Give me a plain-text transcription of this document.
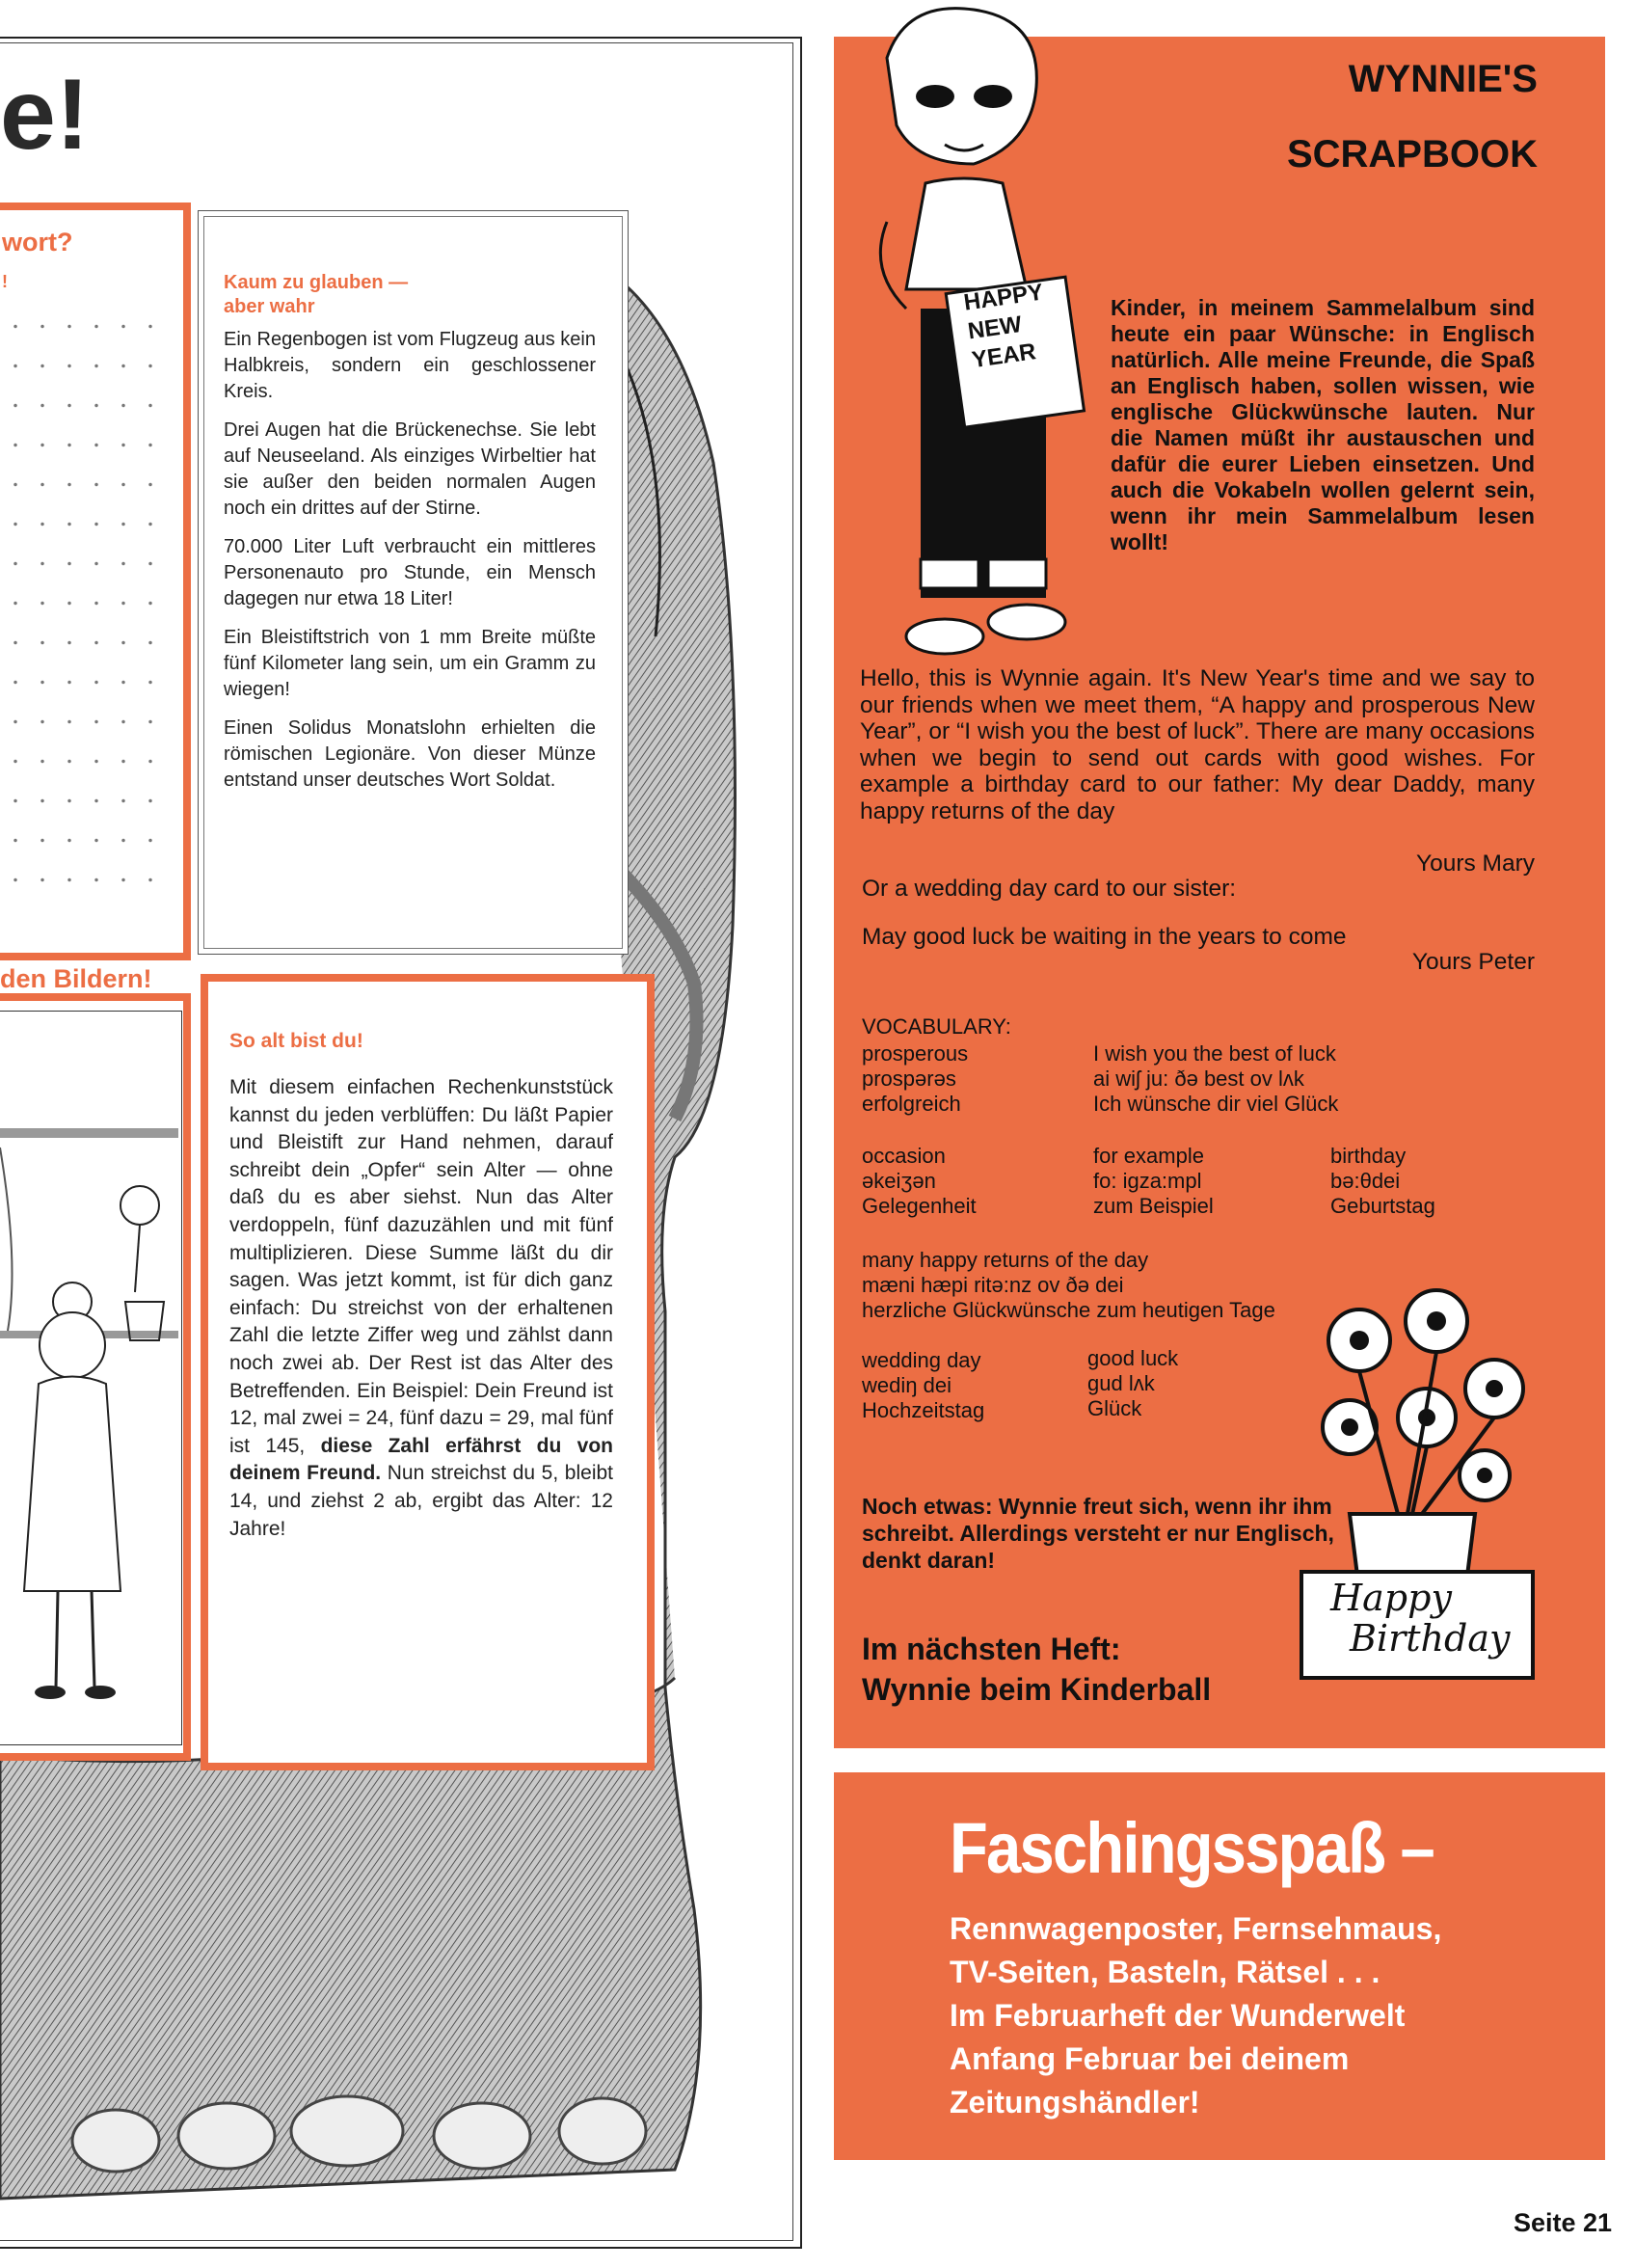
e!
wort?
!	Kaum zu glauben —
aber wahr

Ein Regenbogen ist vom Flugzeug aus kein Halbkreis, sondern ein geschlossener Kreis.

Drei Augen hat die Brückenechse. Sie lebt auf Neuseeland. Als einziges Wirbeltier hat sie außer den beiden normalen Augen noch ein drittes auf der Stirne.

70.000 Liter Luft verbraucht ein mittleres Personenauto pro Stunde, ein Mensch dagegen nur etwa 18 Liter!

Ein Bleistiftstrich von 1 mm Breite müßte fünf Kilometer lang sein, um ein Gramm zu wiegen!

Einen Solidus Monatslohn erhielten die römischen Legionäre. Von dieser Münze entstand unser deutsches Wort Soldat.

den Bildern!
So alt bist du!
Mit diesem einfachen Rechenkunststück kannst du jeden verblüffen: Du läßt Papier und Bleistift zur Hand nehmen, darauf schreibt dein „Opfer“ sein Alter — ohne daß du es aber siehst. Nun das Alter verdoppeln, fünf dazuzählen und mit fünf multiplizieren. Diese Summe läßt du dir sagen. Was jetzt kommt, ist für dich ganz einfach: Du streichst von der erhaltenen Zahl die letzte Ziffer weg und zählst dann noch zwei ab. Der Rest ist das Alter des Betreffenden. Ein Beispiel: Dein Freund ist 12, mal zwei = 24, fünf dazu = 29, mal fünf ist 145, diese Zahl erfährst du von deinem Freund. Nun streichst du 5, bleibt 14, und ziehst 2 ab, ergibt das Alter: 12 Jahre!
HAPPY
NEW
YEAR
WYNNIE'S
SCRAPBOOK
Kinder, in meinem Sammelalbum sind heute ein paar Wünsche: in Englisch natürlich. Alle meine Freunde, die Spaß an Englisch haben, sollen wissen, wie englische Glückwünsche lauten. Nur die Namen müßt ihr austauschen und dafür die eurer Lieben einsetzen. Und auch die Vokabeln wollen gelernt sein, wenn ihr mein Sammelalbum lesen wollt!
Hello, this is Wynnie again. It's New Year's time and we say to our friends when we meet them, “A happy and prosperous New Year”, or “I wish you the best of luck”. There are many occasions when we begin to send out cards with good wishes. For example a birthday card to our father: My dear Daddy, many happy returns of the day
Yours Mary
Or a wedding day card to our sister:
May good luck be waiting in the years to come
Yours Peter
VOCABULARY:
prosperous
prospərəs
erfolgreich
I wish you the best of luck
ai wiʃ ju: ðə best ov lʌk
Ich wünsche dir viel Glück
occasion
əkeiʒən
Gelegenheit
for example
fo: igza:mpl
zum Beispiel
birthday
bə:θdei
Geburtstag
many happy returns of the day
mæni hæpi ritə:nz ov ðə dei
herzliche Glückwünsche zum heutigen Tage
wedding day
wediŋ dei
Hochzeitstag
good luck
gud lʌk
Glück
Happy
Birthday
Noch etwas: Wynnie freut sich, wenn ihr ihm schreibt. Allerdings versteht er nur Englisch, denkt daran!
Im nächsten Heft:
Wynnie beim Kinderball
Faschingsspaß –
Rennwagenposter, Fernsehmaus,
TV-Seiten, Basteln, Rätsel . . .
Im Februarheft der Wunderwelt
Anfang Februar bei deinem
Zeitungshändler!
Seite 21
